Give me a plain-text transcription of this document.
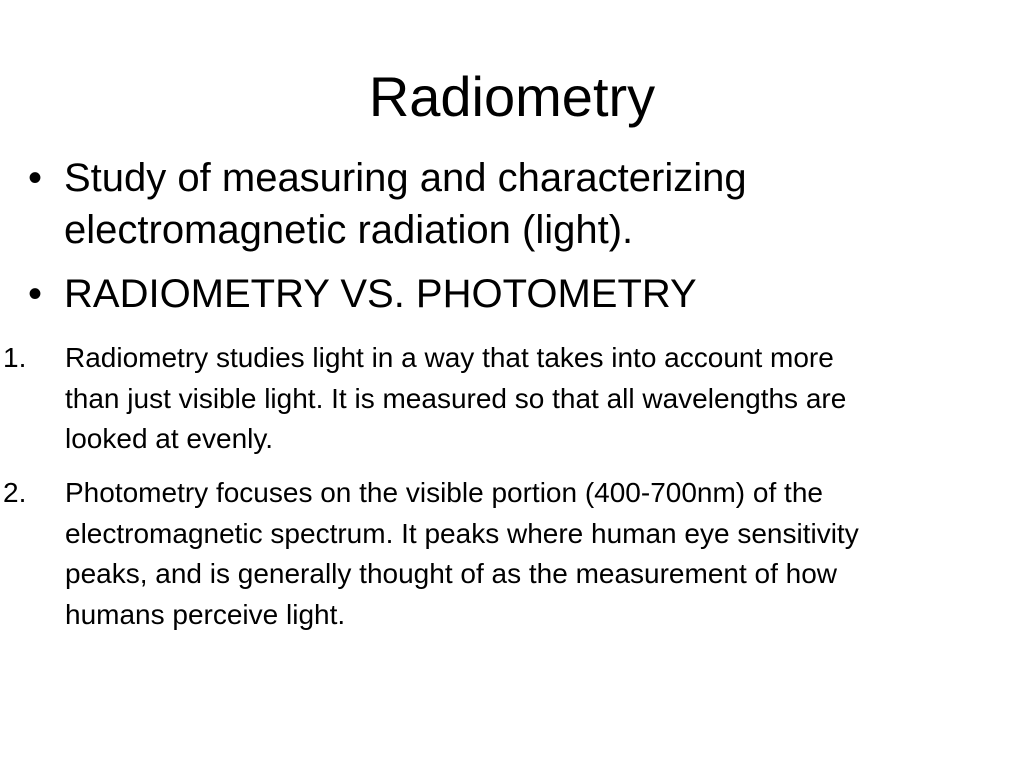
Radiometry

• Study of measuring and characterizing
electromagnetic radiation (light).

• RADIOMETRY VS. PHOTOMETRY

1. Radiometry studies light in a way that takes into account more
than just visible light. It is measured so that all wavelengths are
looked at evenly.

2. Photometry focuses on the visible portion (400-700nm) of the
electromagnetic spectrum. It peaks where human eye sensitivity
peaks, and is generally thought of as the measurement of how
humans perceive light.
